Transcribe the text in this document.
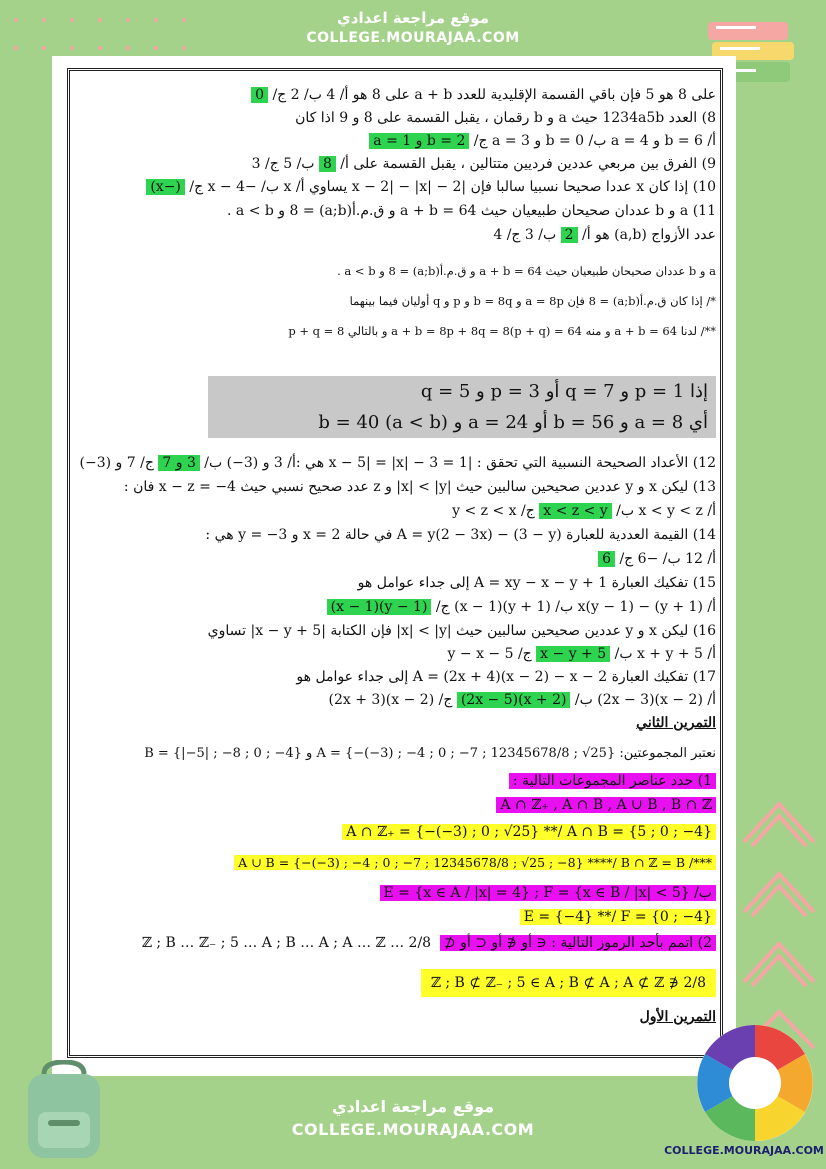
موقع مراجعة اعدادي
COLLEGE.MOURAJAA.COM
على 8 هو 5 فإن باقي القسمة الإقليدية للعدد a + b على 8 هو أ/ 4 ب/ 2 ج/ 0
8) العدد 1234a5b حيث a و b رقمان ، يقبل القسمة على 8 و 9 اذا كان
أ/ b = 6 و a = 4 ب/ b = 0 و a = 3 ج/ b = 2 و a = 1
9) الفرق بين مربعي عددين فرديين متتالين ، يقبل القسمة على أ/ 8 ب/ 5 ج/ 3
10) إذا كان x عددا صحيحا نسبيا سالبا فإن |x − 2| − |x| − 2 يساوي أ/ x ب/ −x − 4 ج/ (−x)
11) a و b عددان صحيحان طبيعيان حيث a + b = 64 و ق.م.أ(a;b) = 8 و a < b .
عدد الأزواج (a,b) هو أ/ 2 ب/ 3 ج/ 4
a و b عددان صحيحان طبيعيان حيث a + b = 64 و ق.م.أ(a;b) = 8 و a < b .
*/ إذا كان ق.م.أ(a;b) = 8 فإن a = 8p و b = 8q و p و q أوليان فيما بينهما
**/ لدنا a + b = 64 و منه a + b = 8p + 8q = 8(p + q) = 64 و بالتالي p + q = 8
إذا p = 1 و q = 7 أو p = 3 و q = 5
أي a = 8 و b = 56 أو a = 24 و b = 40 (a < b)
12) الأعداد الصحيحة النسبية التي تحقق : |x − 5| = |x| − 3 = 1 هي :أ/ 3 و (3−) ب/ 3 و 7 ج/ 7 و (3−)
13) ليكن x و y عددين صحيحين سالبين حيث |x| < |y| و z عدد صحيح نسبي حيث x − z = −4 فان :
أ/ x < y < z ب/ x < z < y ج/ y < z < x
14) القيمة العددية للعبارة A = y(2 − 3x) − (3 − y) في حالة x = 2 و y = −3 هي :
أ/ 12 ب/ −6 ج/ 6
15) تفكيك العبارة A = xy − x − y + 1 إلى جداء عوامل هو
أ/ x(y − 1) − (y + 1) ب/ (y + 1)(x − 1) ج/ (y − 1)(x − 1)
16) ليكن x و y عددين صحيحين سالبين حيث |x| < |y| فإن الكتابة |x − y + 5| تساوي
أ/ x + y + 5 ب/ x − y + 5 ج/ y − x − 5
17) تفكيك العبارة A = (2x + 4)(x − 2) − x − 2 إلى جداء عوامل هو
أ/ (x − 2)(2x − 3) ب/ (x + 2)(2x − 5) ج/ (x − 2)(2x + 3)
التمرين الثاني
نعتبر المجموعتين: A = {−(−3) ; −4 ; 0 ; −7 ; 12345678/8 ; √25} و B = {|−5| ; −8 ; 0 ; −4}
1) حدد عناصر المجموعات التالية :
A ∩ ℤ₊ , A ∩ B , A ∪ B , B ∩ ℤ
A ∩ ℤ₊ = {−(−3) ; 0 ; √25} **/ A ∩ B = {5 ; 0 ; −4}
***/ A ∪ B = {−(−3) ; −4 ; 0 ; −7 ; 12345678/8 ; √25 ; −8} ****/ B ∩ ℤ = B
ب/ E = {x ∈ A / |x| = 4} ; F = {x ∈ B / |x| < 5}
E = {−4} **/ F = {0 ; −4}
2) اتمم بأحد الرموز التالية : ∈ أو ∉ أو ⊂ أو ⊄  2/8 … ℤ ; B … ℤ₋ ; 5 … A ; B … A ; A … ℤ
2/8 ∉ ℤ ; B ⊄ ℤ₋ ; 5 ∈ A ; B ⊄ A ; A ⊄ ℤ
التمرين الأول
موقع مراجعة اعدادي
COLLEGE.MOURAJAA.COM
COLLEGE.MOURAJAA.COM
